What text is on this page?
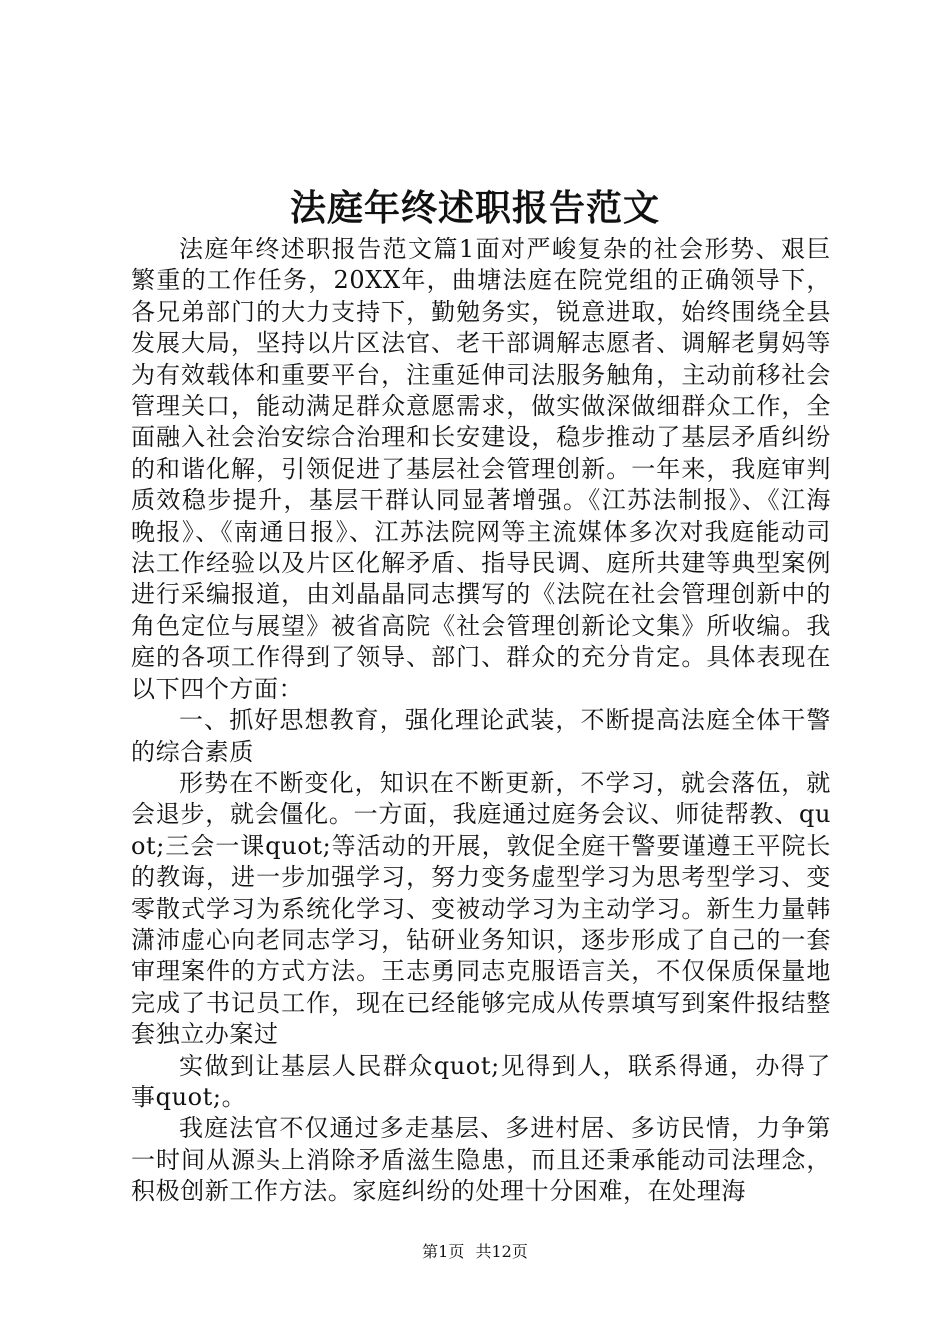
法庭年终述职报告范文

法庭年终述职报告范文篇1面对严峻复杂的社会形势、艰巨繁重的工作任务，20XX年，曲塘法庭在院党组的正确领导下，各兄弟部门的大力支持下，勤勉务实，锐意进取，始终围绕全县发展大局，坚持以片区法官、老干部调解志愿者、调解老舅妈等为有效载体和重要平台，注重延伸司法服务触角，主动前移社会管理关口，能动满足群众意愿需求，做实做深做细群众工作，全面融入社会治安综合治理和长安建设，稳步推动了基层矛盾纠纷的和谐化解，引领促进了基层社会管理创新。一年来，我庭审判质效稳步提升，基层干群认同显著增强。《江苏法制报》、《江海晚报》、《南通日报》、江苏法院网等主流媒体多次对我庭能动司法工作经验以及片区化解矛盾、指导民调、庭所共建等典型案例进行采编报道，由刘晶晶同志撰写的《法院在社会管理创新中的角色定位与展望》被省高院《社会管理创新论文集》所收编。我庭的各项工作得到了领导、部门、群众的充分肯定。具体表现在以下四个方面：

一、抓好思想教育，强化理论武装，不断提高法庭全体干警的综合素质

形势在不断变化，知识在不断更新，不学习，就会落伍，就会退步，就会僵化。一方面，我庭通过庭务会议、师徒帮教、quot;三会一课quot;等活动的开展，敦促全庭干警要谨遵王平院长的教诲，进一步加强学习，努力变务虚型学习为思考型学习、变零散式学习为系统化学习、变被动学习为主动学习。新生力量韩潇沛虚心向老同志学习，钻研业务知识，逐步形成了自己的一套审理案件的方式方法。王志勇同志克服语言关，不仅保质保量地完成了书记员工作，现在已经能够完成从传票填写到案件报结整套独立办案过

实做到让基层人民群众quot;见得到人，联系得通，办得了事quot;。

我庭法官不仅通过多走基层、多进村居、多访民情，力争第一时间从源头上消除矛盾滋生隐患，而且还秉承能动司法理念，积极创新工作方法。家庭纠纷的处理十分困难，在处理海

第1页 共12页
